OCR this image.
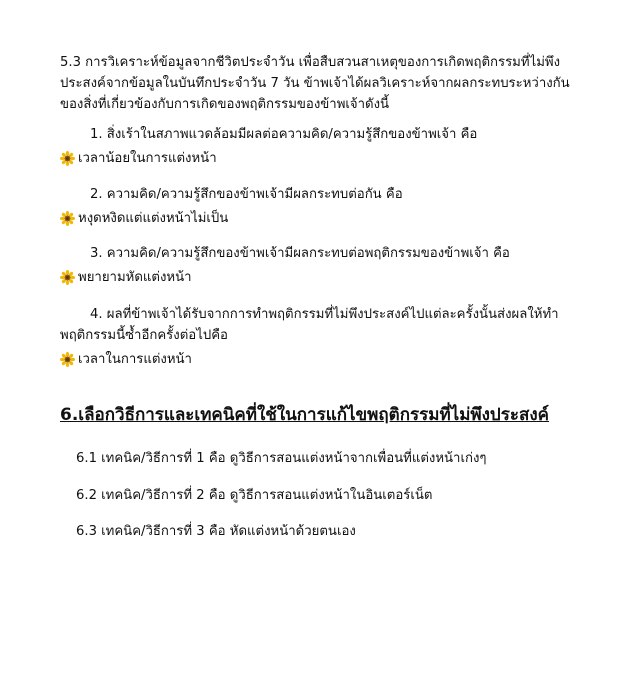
5.3 การวิเคราะห์ข้อมูลจากชีวิตประจำวัน เพื่อสืบสวนสาเหตุของการเกิดพฤติกรรมที่ไม่พึง
ประสงค์จากข้อมูลในบันทึกประจำวัน 7 วัน ข้าพเจ้าได้ผลวิเคราะห์จากผลกระทบระหว่างกัน
ของสิ่งที่เกี่ยวข้องกับการเกิดของพฤติกรรมของข้าพเจ้าดังนี้
1. สิ่งเร้าในสภาพแวดล้อมมีผลต่อความคิด/ความรู้สึกของข้าพเจ้า คือ
เวลาน้อยในการแต่งหน้า
2. ความคิด/ความรู้สึกของข้าพเจ้ามีผลกระทบต่อกัน คือ
หงุดหงิดแต่แต่งหน้าไม่เป็น
3. ความคิด/ความรู้สึกของข้าพเจ้ามีผลกระทบต่อพฤติกรรมของข้าพเจ้า คือ
พยายามหัดแต่งหน้า
4. ผลที่ข้าพเจ้าได้รับจากการทำพฤติกรรมที่ไม่พึงประสงค์ไปแต่ละครั้งนั้นส่งผลให้ทำ
พฤติกรรมนี้ซ้ำอีกครั้งต่อไปคือ
เวลาในการแต่งหน้า
6.เลือกวิธีการและเทคนิคที่ใช้ในการแก้ไขพฤติกรรมที่ไม่พึงประสงค์
6.1 เทคนิค/วิธีการที่ 1 คือ ดูวิธีการสอนแต่งหน้าจากเพื่อนที่แต่งหน้าเก่งๆ
6.2 เทคนิค/วิธีการที่ 2 คือ ดูวิธีการสอนแต่งหน้าในอินเตอร์เน็ต
6.3 เทคนิค/วิธีการที่ 3 คือ หัดแต่งหน้าด้วยตนเอง
